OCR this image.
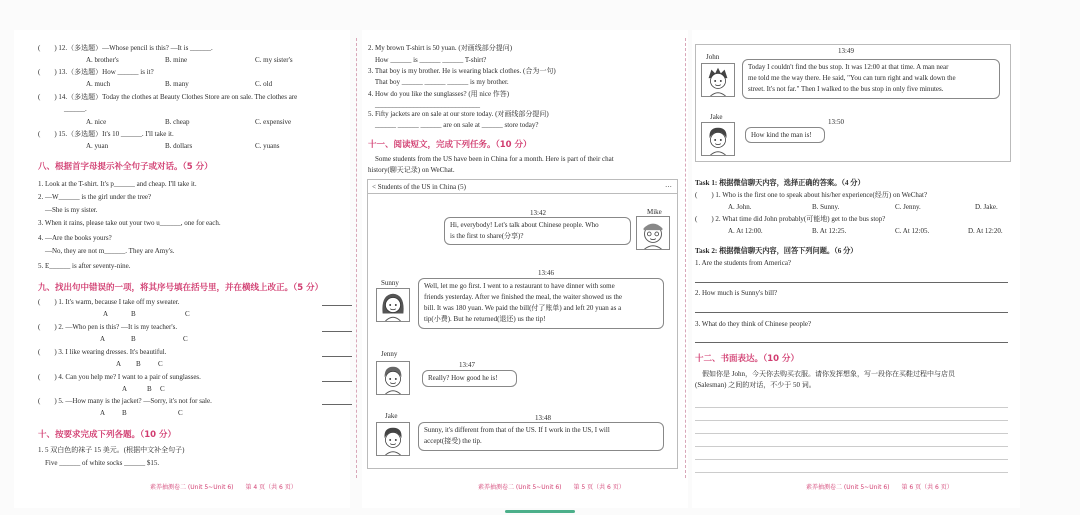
(　　) 12.（多选题）—Whose pencil is this? —It is ______.
A. brother's	B. mine	C. my sister's
(　　) 13.（多选题）How ______ is it?
A. much	B. many	C. old
(　　) 14.（多选题）Today the clothes at Beauty Clothes Store are on sale. The clothes are
______.
A. nice	B. cheap	C. expensive
(　　) 15.（多选题）It's 10 ______. I'll take it.
A. yuan	B. dollars	C. yuans
八、根据首字母提示补全句子或对话。（5 分）
1. Look at the T-shirt. It's p______ and cheap. I'll take it.
2. —W______ is the girl under the tree?
—She is my sister.
3. When it rains, please take out your two u______, one for each.
4. —Are the books yours?
—No, they are not m______. They are Amy's.
5. E______ is after seventy-nine.
九、找出句中错误的一项，将其序号填在括号里，并在横线上改正。（5 分）
(　　) 1. It's warm, because I take off my sweater.
A	B	C
(　　) 2. —Who pen is this? —It is my teacher's.
A	B	C
(　　) 3. I like wearing dresses. It's beautiful.
A B C
(　　) 4. Can you help me? I want to a pair of sunglasses.
A	B C
(　　) 5. —How many is the jacket? —Sorry, it's not for sale.
A B	C
十、按要求完成下列各题。（10 分）
1. 5 双白色的袜子 15 美元。(根据中文补全句子)
Five ______ of white socks ______ $15.
素养抽测卷二 (Unit 5~Unit 6)　　第 4 页（共 6 页）
2. My brown T-shirt is 50 yuan. (对画线部分提问)
How ______ is ______ ______ T-shirt?
3. That boy is my brother. He is wearing black clothes. (合为一句)
That boy ______ ______ ______ is my brother.
4. How do you like the sunglasses? (用 nice 作答)
______________________________
5. Fifty jackets are on sale at our store today. (对画线部分提问)
______ ______ ______ are on sale at ______ store today?
十一、阅读短文，完成下列任务。（10 分）
Some students from the US have been in China for a month. Here is part of their chat
history(聊天记录) on WeChat.
< Students of the US in China (5)	···
13:42	Mike
Hi, everybody! Let's talk about Chinese people. Who
is the first to share(分享)?
13:46
Sunny	Well, let me go first. I went to a restaurant to have dinner with some
friends yesterday. After we finished the meal, the waiter showed us the
bill. It was 180 yuan. We paid the bill(付了账单) and left 20 yuan as a
tip(小费). But he returned(退还) us the tip!
Jenny
13:47
Really? How good he is!
13:48
Jake
Sunny, it's different from that of the US. If I work in the US, I will
accept(接受) the tip.
素养抽测卷二 (Unit 5~Unit 6)　　第 5 页（共 6 页）
13:49
John
Today I couldn't find the bus stop. It was 12:00 at that time. A man near
me told me the way there. He said, "You can turn right and walk down the
street. It's not far." Then I walked to the bus stop in only five minutes.
13:50
Jake
How kind the man is!
Task 1: 根据微信聊天内容，选择正确的答案。（4 分）
(　　) 1. Who is the first one to speak about his/her experience(经历) on WeChat?
A. John.	B. Sunny.	C. Jenny.	D. Jake.
(　　) 2. What time did John probably(可能地) get to the bus stop?
A. At 12:00.	B. At 12:25.	C. At 12:05.	D. At 12:20.
Task 2: 根据微信聊天内容，回答下列问题。（6 分）
1. Are the students from America?
2. How much is Sunny's bill?
3. What do they think of Chinese people?
十二、书面表达。（10 分）
假如你是 John，今天你去购买衣服。请你发挥想象，写一段你在买鞋过程中与店员
(Salesman) 之间的对话，不少于 50 词。
素养抽测卷二 (Unit 5~Unit 6)　　第 6 页（共 6 页）
